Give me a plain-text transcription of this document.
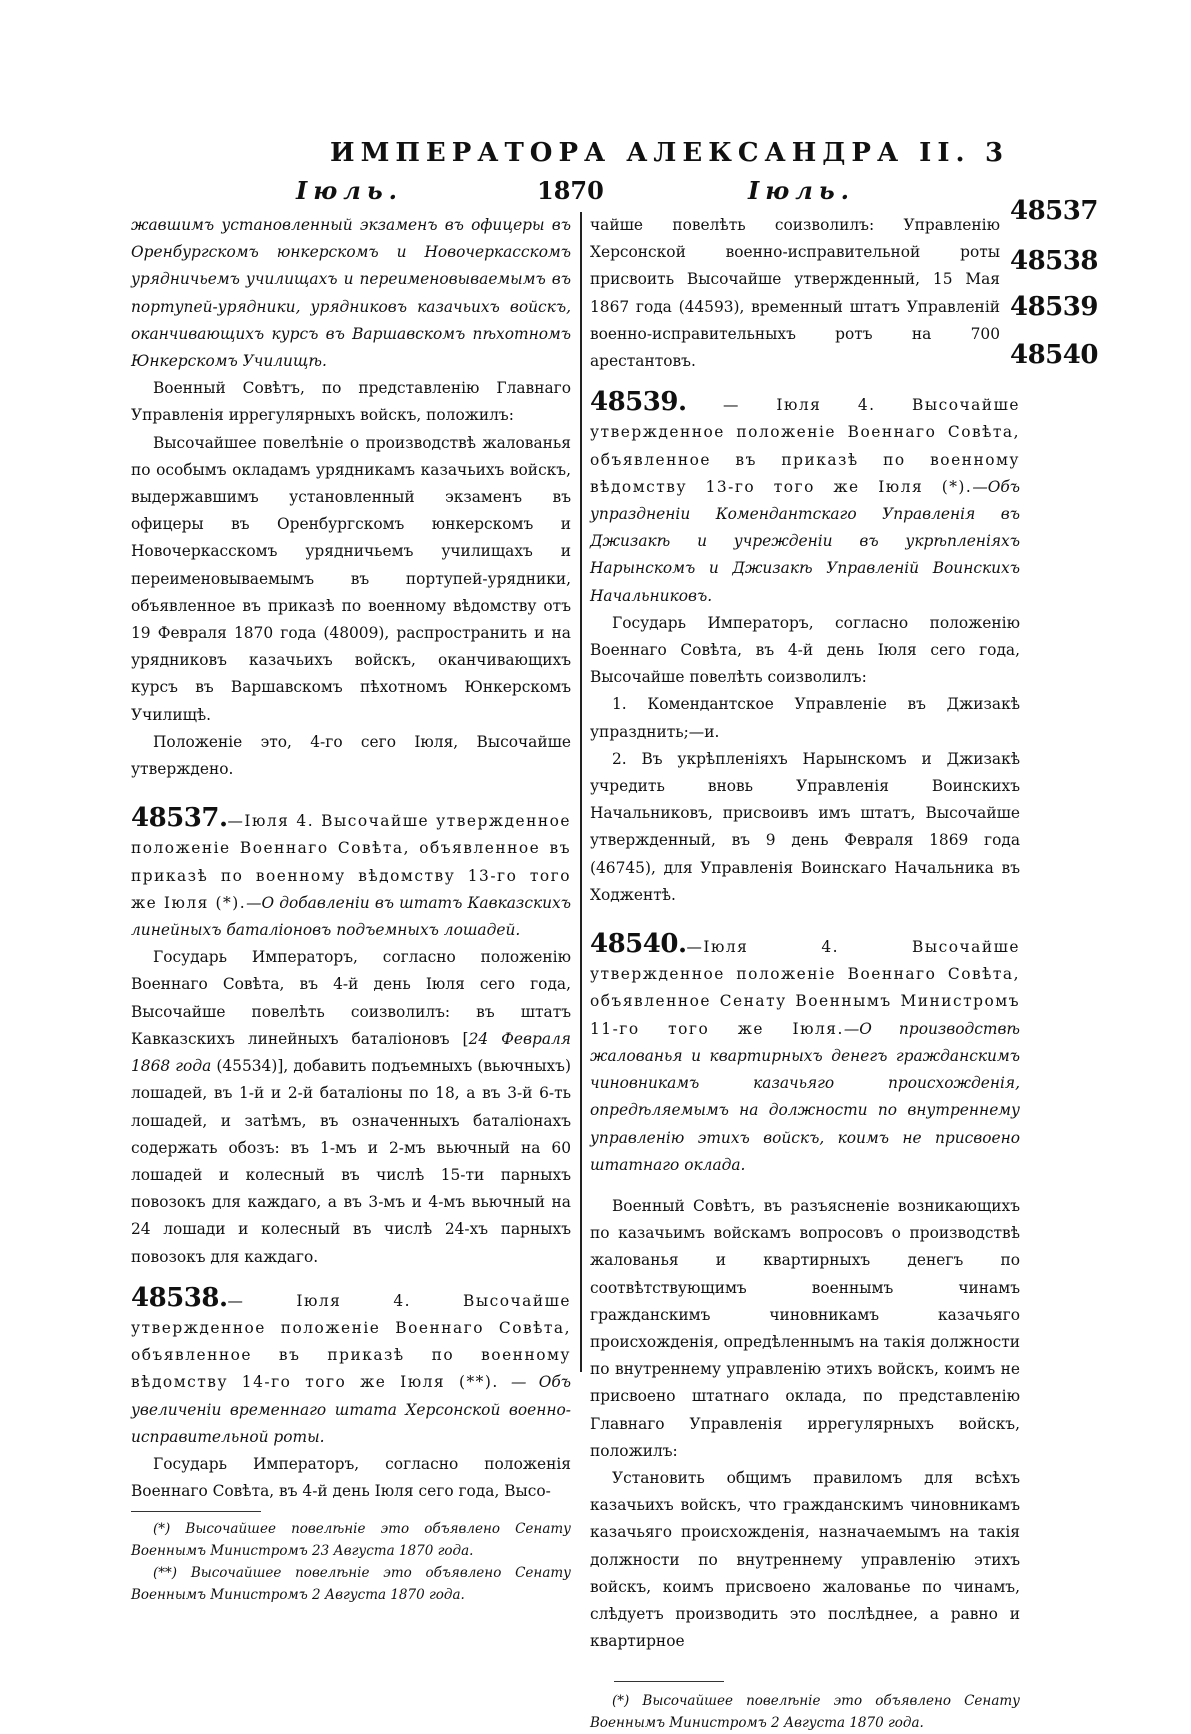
ИМПЕРАТОРА АЛЕКСАНДРА II. 3
Іюль.	1870	Іюль.
48537
48538
48539
48540

жавшимъ установленный экзаменъ въ офицеры въ Оренбургскомъ юнкерскомъ и Новочеркасскомъ урядничьемъ училищахъ и переименовываемымъ въ портупей-урядники, урядниковъ казачьихъ войскъ, оканчивающихъ курсъ въ Варшавскомъ пѣхотномъ Юнкерскомъ Училищѣ.

Военный Совѣтъ, по представленію Главнаго Управленія иррегулярныхъ войскъ, положилъ:

Высочайшее повелѣніе о производствѣ жалованья по особымъ окладамъ урядникамъ казачьихъ войскъ, выдержавшимъ установленный экзаменъ въ офицеры въ Оренбургскомъ юнкерскомъ и Новочеркасскомъ урядничьемъ училищахъ и переименовываемымъ въ портупей-урядники, объявленное въ приказѣ по военному вѣдомству отъ 19 Февраля 1870 года (48009), распространить и на урядниковъ казачьихъ войскъ, оканчивающихъ курсъ въ Варшавскомъ пѣхотномъ Юнкерскомъ Училищѣ.

Положеніе это, 4-го сего Іюля, Высочайше утверждено.

48537.—Іюля 4. Высочайше утвержденное положеніе Военнаго Совѣта, объявленное въ приказѣ по военному вѣдомству 13-го того же Іюля (*).—О добавленіи въ штатъ Кавказскихъ линейныхъ баталіоновъ подъемныхъ лошадей.

Государь Императоръ, согласно положенію Военнаго Совѣта, въ 4-й день Іюля сего года, Высочайше повелѣть соизволилъ: въ штатъ Кавказскихъ линейныхъ баталіоновъ [24 Февраля 1868 года (45534)], добавить подъемныхъ (вьючныхъ) лошадей, въ 1-й и 2-й баталіоны по 18, а въ 3-й 6-ть лошадей, и затѣмъ, въ означенныхъ баталіонахъ содержать обозъ: въ 1-мъ и 2-мъ вьючный на 60 лошадей и колесный въ числѣ 15-ти парныхъ повозокъ для каждаго, а въ 3-мъ и 4-мъ вьючный на 24 лошади и колесный въ числѣ 24-хъ парныхъ повозокъ для каждаго.

48538.— Іюля 4. Высочайше утвержденное положеніе Военнаго Совѣта, объявленное въ приказѣ по военному вѣдомству 14-го того же Іюля (**). — Объ увеличеніи временнаго штата Херсонской военно-исправительной роты.

Государь Императоръ, согласно положенія Военнаго Совѣта, въ 4-й день Іюля сего года, Высо-

(*) Высочайшее повелѣніе это объявлено Сенату Военнымъ Министромъ 23 Августа 1870 года.

(**) Высочайшее повелѣніе это объявлено Сенату Военнымъ Министромъ 2 Августа 1870 года.

чайше повелѣть соизволилъ: Управленію Херсонской военно-исправительной роты присвоить Высочайше утвержденный, 15 Мая 1867 года (44593), временный штатъ Управленій военно-исправительныхъ ротъ на 700 арестантовъ.

48539. — Іюля 4. Высочайше утвержденное положеніе Военнаго Совѣта, объявленное въ приказѣ по военному вѣдомству 13-го того же Іюля (*).—Объ упраздненіи Комендантскаго Управленія въ Джизакѣ и учрежденіи въ укрѣпленіяхъ Нарынскомъ и Джизакѣ Управленій Воинскихъ Начальниковъ.

Государь Императоръ, согласно положенію Военнаго Совѣта, въ 4-й день Іюля сего года, Высочайше повелѣть соизволилъ:

1. Комендантское Управленіе въ Джизакѣ упразднить;—и.

2. Въ укрѣпленіяхъ Нарынскомъ и Джизакѣ учредить вновь Управленія Воинскихъ Начальниковъ, присвоивъ имъ штатъ, Высочайше утвержденный, въ 9 день Февраля 1869 года (46745), для Управленія Воинскаго Начальника въ Ходжентѣ.

48540.—Іюля 4. Высочайше утвержденное положеніе Военнаго Совѣта, объявленное Сенату Военнымъ Министромъ 11-го того же Іюля.—О производствѣ жалованья и квартирныхъ денегъ гражданскимъ чиновникамъ казачьяго происхожденія, опредѣляемымъ на должности по внутреннему управленію этихъ войскъ, коимъ не присвоено штатнаго оклада.

Военный Совѣтъ, въ разъясненіе возникающихъ по казачьимъ войскамъ вопросовъ о производствѣ жалованья и квартирныхъ денегъ по соотвѣтствующимъ военнымъ чинамъ гражданскимъ чиновникамъ казачьяго происхожденія, опредѣленнымъ на такія должности по внутреннему управленію этихъ войскъ, коимъ не присвоено штатнаго оклада, по представленію Главнаго Управленія иррегулярныхъ войскъ, положилъ:

Установить общимъ правиломъ для всѣхъ казачьихъ войскъ, что гражданскимъ чиновникамъ казачьяго происхожденія, назначаемымъ на такія должности по внутреннему управленію этихъ войскъ, коимъ присвоено жалованье по чинамъ, слѣдуетъ производить это послѣднее, а равно и квартирное

(*) Высочайшее повелѣніе это объявлено Сенату Военнымъ Министромъ 2 Августа 1870 года.
